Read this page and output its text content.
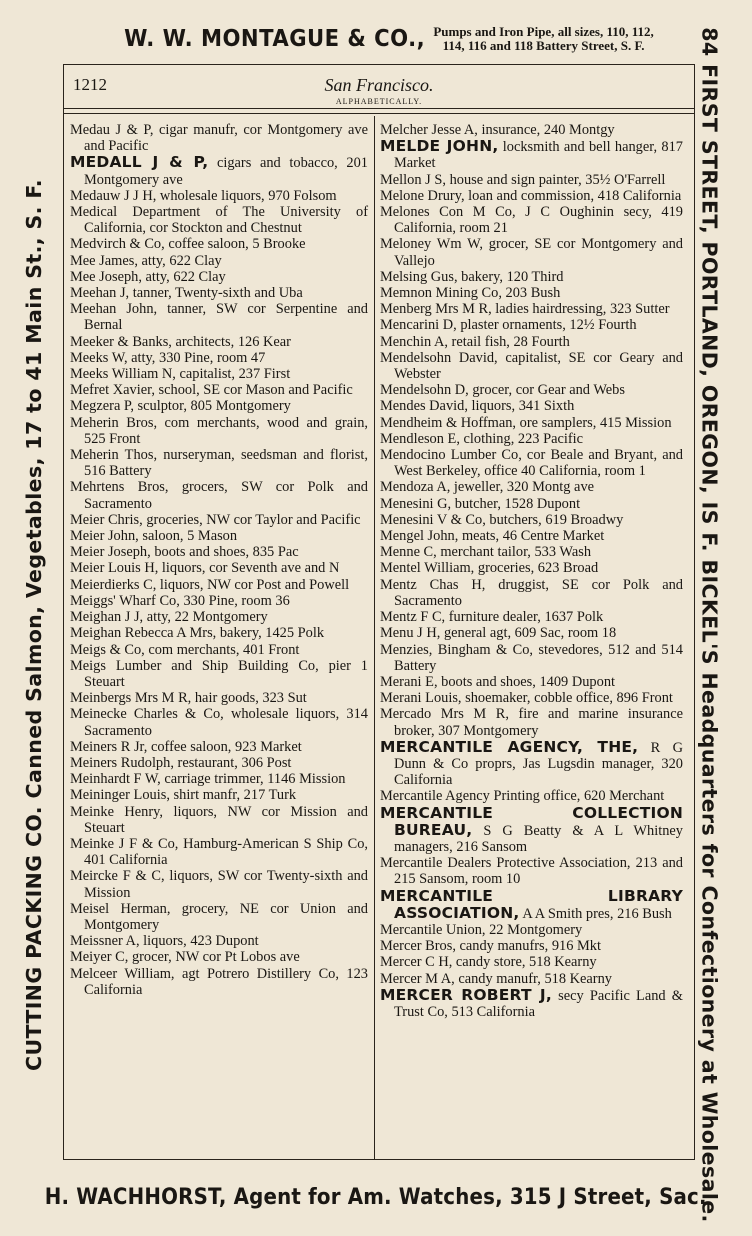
W. W. MONTAGUE & CO., Pumps and Iron Pipe, all sizes, 110, 112,
114, 116 and 118 Battery Street, S. F.
CUTTING PACKING CO. Canned Salmon, Vegetables, 17 to 41 Main St., S. F.	84 FIRST STREET, PORTLAND, OREGON, IS F. BICKEL'S Headquarters for Confectionery at Wholesale.
1212	San Francisco.
ALPHABETICALLY.

Medau J & P, cigar manufr, cor Montgomery ave and Pacific

MEDALL J & P, cigars and tobacco, 201 Montgomery ave

Medauw J J H, wholesale liquors, 970 Folsom

Medical Department of The University of California, cor Stockton and Chestnut

Medvirch & Co, coffee saloon, 5 Brooke

Mee James, atty, 622 Clay

Mee Joseph, atty, 622 Clay

Meehan J, tanner, Twenty-sixth and Uba

Meehan John, tanner, SW cor Serpentine and Bernal

Meeker & Banks, architects, 126 Kear

Meeks W, atty, 330 Pine, room 47

Meeks William N, capitalist, 237 First

Mefret Xavier, school, SE cor Mason and Pacific

Megzera P, sculptor, 805 Montgomery

Meherin Bros, com merchants, wood and grain, 525 Front

Meherin Thos, nurseryman, seedsman and florist, 516 Battery

Mehrtens Bros, grocers, SW cor Polk and Sacramento

Meier Chris, groceries, NW cor Taylor and Pacific

Meier John, saloon, 5 Mason

Meier Joseph, boots and shoes, 835 Pac

Meier Louis H, liquors, cor Seventh ave and N

Meierdierks C, liquors, NW cor Post and Powell

Meiggs' Wharf Co, 330 Pine, room 36

Meighan J J, atty, 22 Montgomery

Meighan Rebecca A Mrs, bakery, 1425 Polk

Meigs & Co, com merchants, 401 Front

Meigs Lumber and Ship Building Co, pier 1 Steuart

Meinbergs Mrs M R, hair goods, 323 Sut

Meinecke Charles & Co, wholesale liquors, 314 Sacramento

Meiners R Jr, coffee saloon, 923 Market

Meiners Rudolph, restaurant, 306 Post

Meinhardt F W, carriage trimmer, 1146 Mission

Meininger Louis, shirt manfr, 217 Turk

Meinke Henry, liquors, NW cor Mission and Steuart

Meinke J F & Co, Hamburg-American S Ship Co, 401 California

Meircke F & C, liquors, SW cor Twenty-sixth and Mission

Meisel Herman, grocery, NE cor Union and Montgomery

Meissner A, liquors, 423 Dupont

Meiyer C, grocer, NW cor Pt Lobos ave

Melceer William, agt Potrero Distillery Co, 123 California

Melcher Jesse A, insurance, 240 Montgy

MELDE JOHN, locksmith and bell hanger, 817 Market

Mellon J S, house and sign painter, 35½ O'Farrell

Melone Drury, loan and commission, 418 California

Melones Con M Co, J C Oughinin secy, 419 California, room 21

Meloney Wm W, grocer, SE cor Montgomery and Vallejo

Melsing Gus, bakery, 120 Third

Memnon Mining Co, 203 Bush

Menberg Mrs M R, ladies hairdressing, 323 Sutter

Mencarini D, plaster ornaments, 12½ Fourth

Menchin A, retail fish, 28 Fourth

Mendelsohn David, capitalist, SE cor Geary and Webster

Mendelsohn D, grocer, cor Gear and Webs

Mendes David, liquors, 341 Sixth

Mendheim & Hoffman, ore samplers, 415 Mission

Mendleson E, clothing, 223 Pacific

Mendocino Lumber Co, cor Beale and Bryant, and West Berkeley, office 40 California, room 1

Mendoza A, jeweller, 320 Montg ave

Menesini G, butcher, 1528 Dupont

Menesini V & Co, butchers, 619 Broadwy

Mengel John, meats, 46 Centre Market

Menne C, merchant tailor, 533 Wash

Mentel William, groceries, 623 Broad

Mentz Chas H, druggist, SE cor Polk and Sacramento

Mentz F C, furniture dealer, 1637 Polk

Menu J H, general agt, 609 Sac, room 18

Menzies, Bingham & Co, stevedores, 512 and 514 Battery

Merani E, boots and shoes, 1409 Dupont

Merani Louis, shoemaker, cobble office, 896 Front

Mercado Mrs M R, fire and marine insurance broker, 307 Montgomery

MERCANTILE AGENCY, THE, R G Dunn & Co proprs, Jas Lugsdin manager, 320 California

Mercantile Agency Printing office, 620 Merchant

MERCANTILE COLLECTION BUREAU, S G Beatty & A L Whitney managers, 216 Sansom

Mercantile Dealers Protective Association, 213 and 215 Sansom, room 10

MERCANTILE LIBRARY ASSOCIATION, A A Smith pres, 216 Bush

Mercantile Union, 22 Montgomery

Mercer Bros, candy manufrs, 916 Mkt

Mercer C H, candy store, 518 Kearny

Mercer M A, candy manufr, 518 Kearny

MERCER ROBERT J, secy Pacific Land & Trust Co, 513 California

H. WACHHORST, Agent for Am. Watches, 315 J Street, Sac.
